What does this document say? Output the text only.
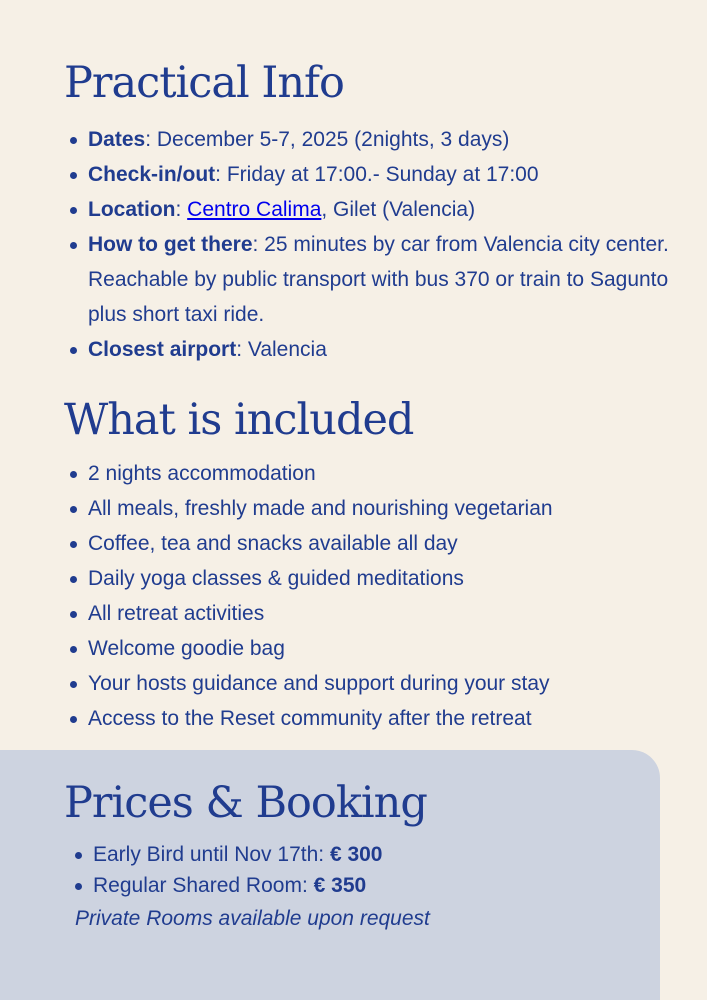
Practical Info
Dates: December 5-7, 2025 (2nights, 3 days)
Check-in/out: Friday at 17:00.- Sunday at 17:00
Location: Centro Calima, Gilet (Valencia)
How to get there: 25 minutes by car from Valencia city center. Reachable by public transport with bus 370 or train to Sagunto plus short taxi ride.
Closest airport: Valencia
What is included
2 nights accommodation
All meals, freshly made and nourishing vegetarian
Coffee, tea and snacks available all day
Daily yoga classes & guided meditations
All retreat activities
Welcome goodie bag
Your hosts guidance and support during your stay
Access to the Reset community after the retreat
Prices & Booking
Early Bird until Nov 17th: € 300
Regular Shared Room: € 350
Private Rooms available upon request
